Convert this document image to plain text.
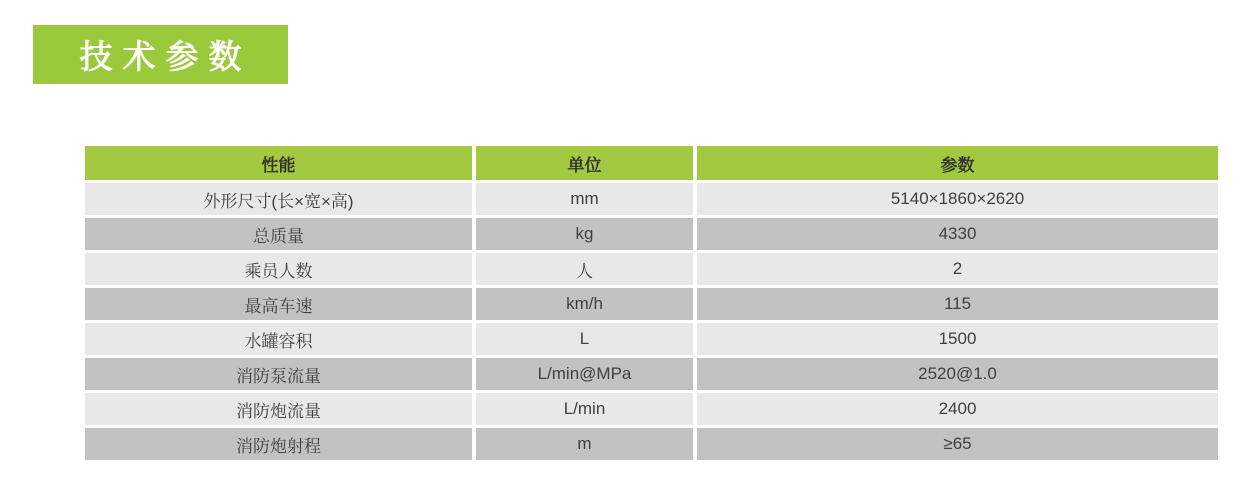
技术参数
性能	单位	参数
外形尺寸(长×宽×高)	mm	5140×1860×2620
总质量	kg	4330
乘员人数	人	2
最高车速	km/h	115
水罐容积	L	1500
消防泵流量	L/min@MPa	2520@1.0
消防炮流量	L/min	2400
消防炮射程	m	≥65
